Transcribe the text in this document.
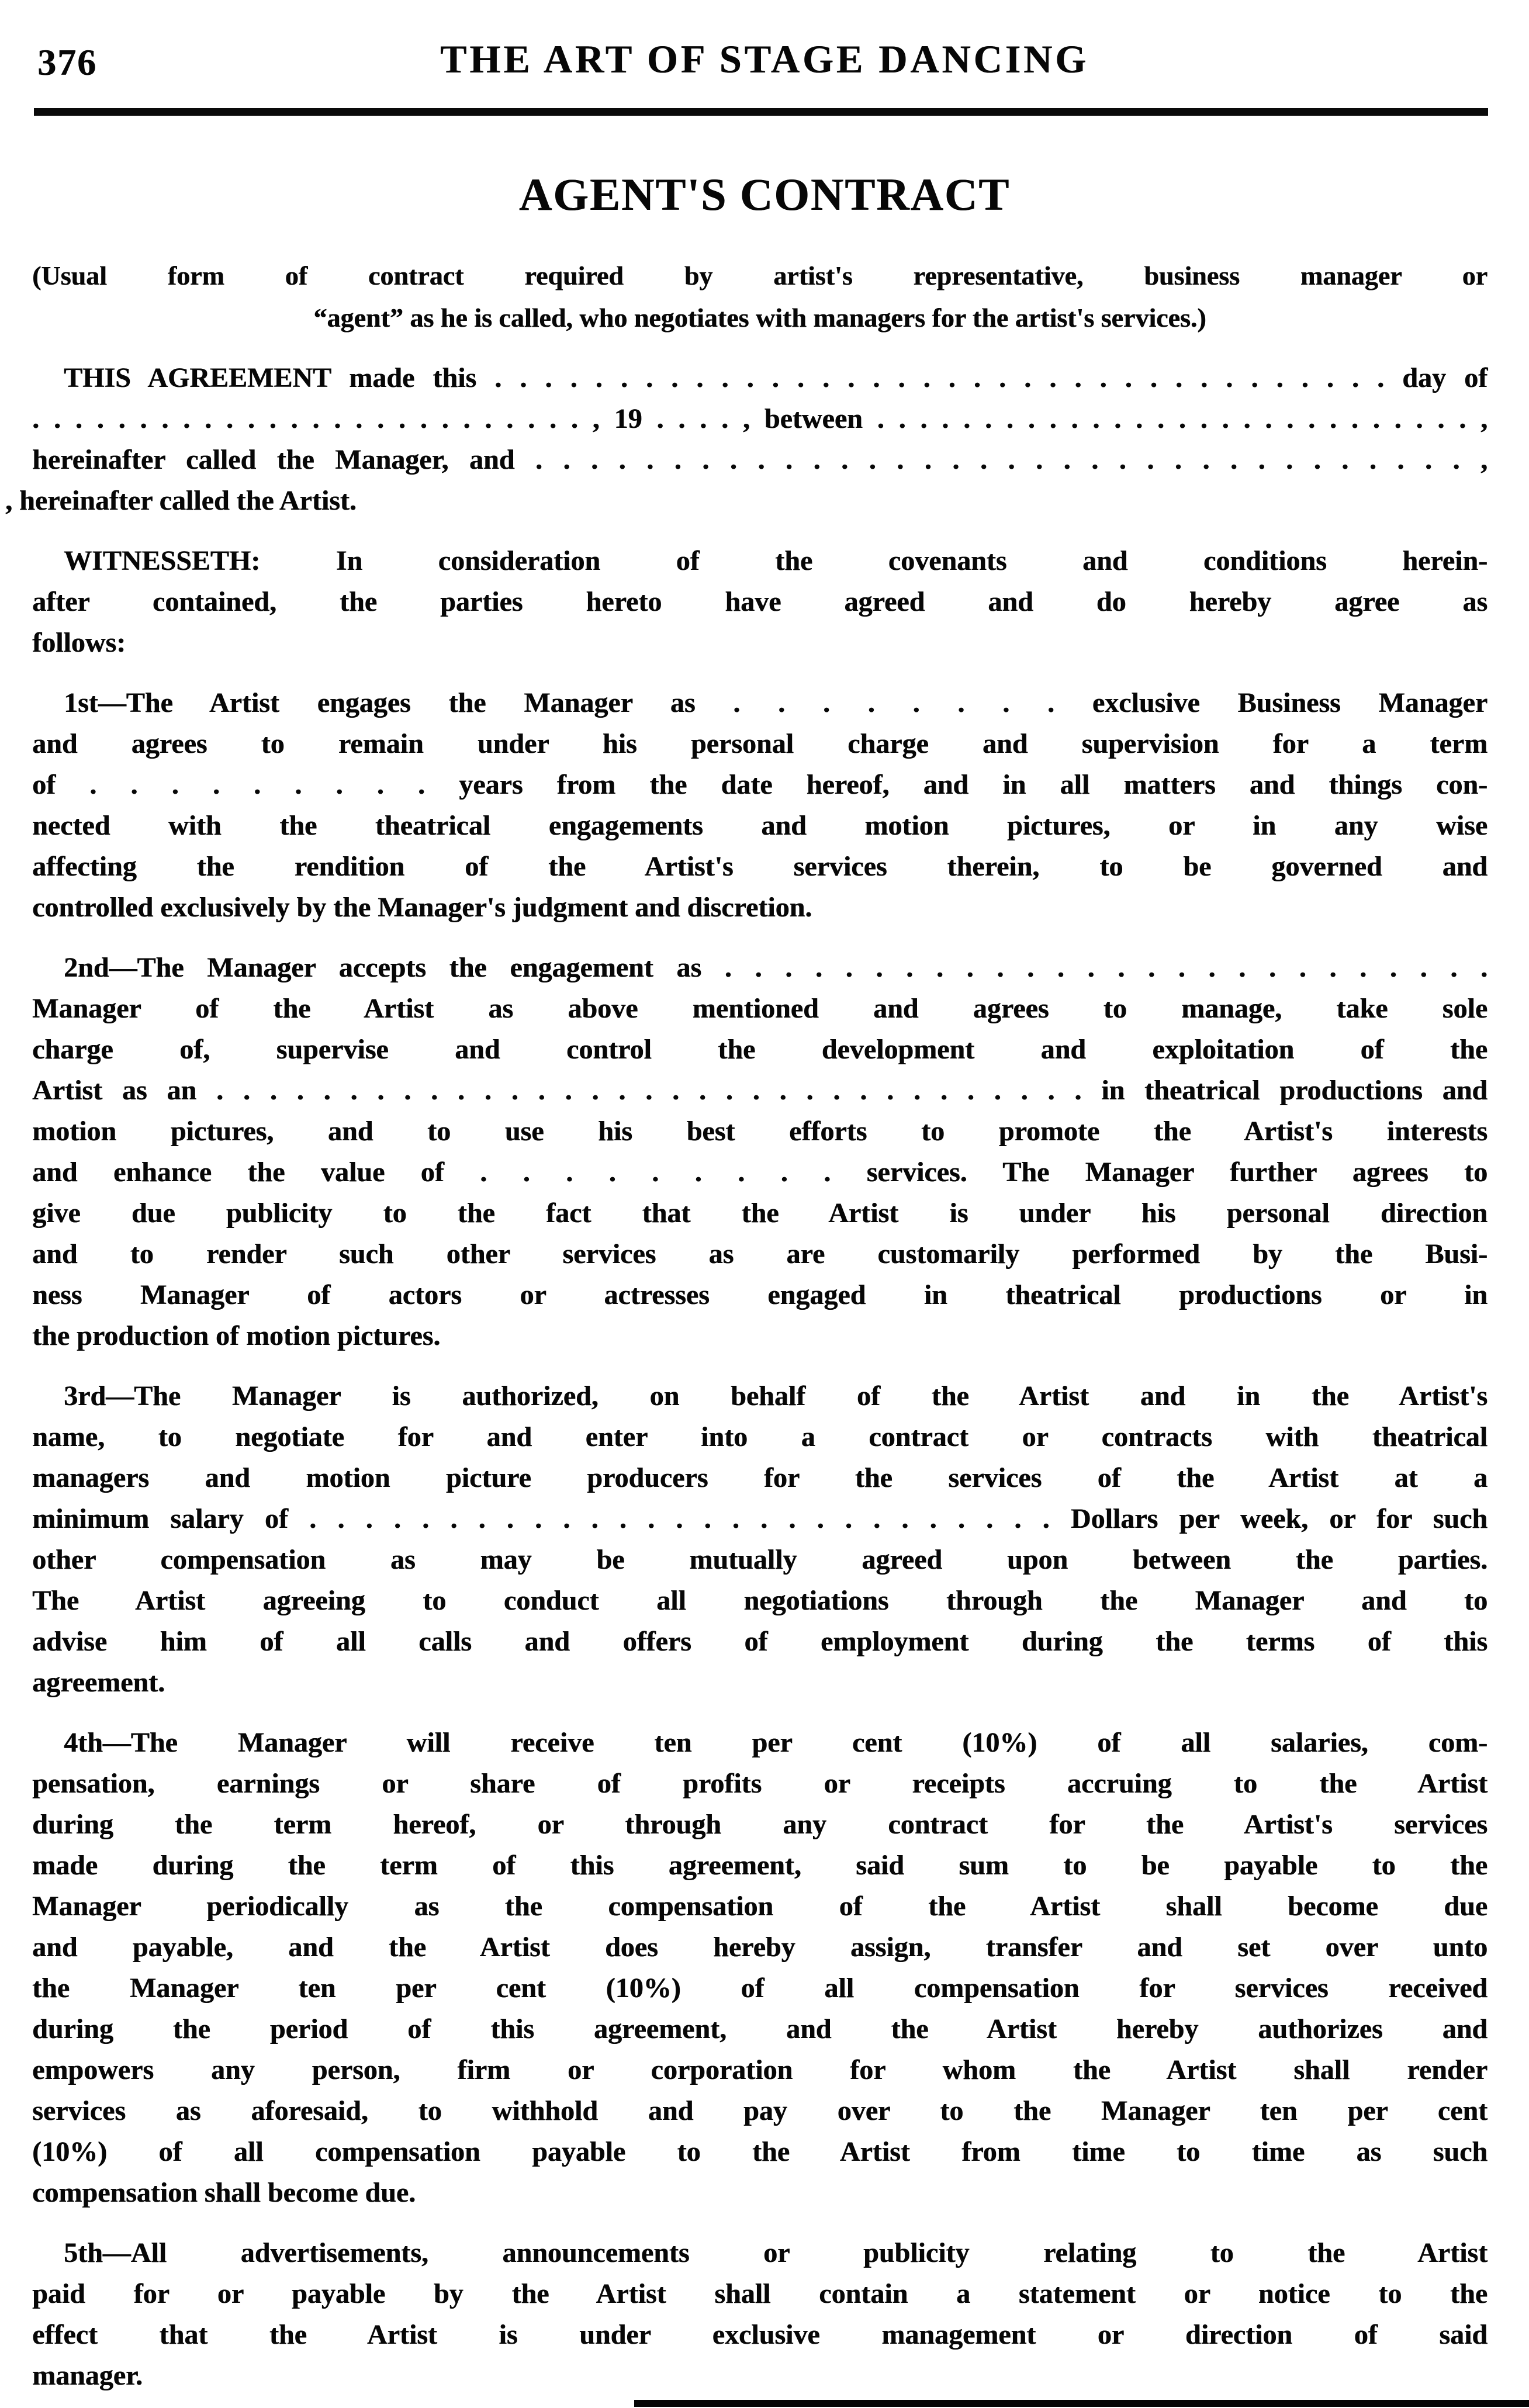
376	THE ART OF STAGE DANCING
AGENT'S CONTRACT
(Usual form of contract required by artist's representative, business manager or
“agent” as he is called, who negotiates with managers for the artist's services.)
THIS AGREEMENT made this . . . . . . . . . . . . . . . . . . . . . . . . . . . . . . . . . . . . day of
. . . . . . . . . . . . . . . . . . . . . . . . . . , 19 . . . . , between . . . . . . . . . . . . . . . . . . . . . . . . . . . . ,
hereinafter called the Manager, and . . . . . . . . . . . . . . . . . . . . . . . . . . . . . . . . . . ,
, hereinafter called the Artist.
WITNESSETH: In consideration of the covenants and conditions herein-
after contained, the parties hereto have agreed and do hereby agree as
follows:
1st—The Artist engages the Manager as . . . . . . . . exclusive Business Manager
and agrees to remain under his personal charge and supervision for a term
of . . . . . . . . . years from the date hereof, and in all matters and things con-
nected with the theatrical engagements and motion pictures, or in any wise
affecting the rendition of the Artist's services therein, to be governed and
controlled exclusively by the Manager's judgment and discretion.
2nd—The Manager accepts the engagement as . . . . . . . . . . . . . . . . . . . . . . . . . .
Manager of the Artist as above mentioned and agrees to manage, take sole
charge of, supervise and control the development and exploitation of the
Artist as an . . . . . . . . . . . . . . . . . . . . . . . . . . . . . . . . . in theatrical productions and
motion pictures, and to use his best efforts to promote the Artist's interests
and enhance the value of . . . . . . . . . services. The Manager further agrees to
give due publicity to the fact that the Artist is under his personal direction
and to render such other services as are customarily performed by the Busi-
ness Manager of actors or actresses engaged in theatrical productions or in
the production of motion pictures.
3rd—The Manager is authorized, on behalf of the Artist and in the Artist's
name, to negotiate for and enter into a contract or contracts with theatrical
managers and motion picture producers for the services of the Artist at a
minimum salary of . . . . . . . . . . . . . . . . . . . . . . . . . . . Dollars per week, or for such
other compensation as may be mutually agreed upon between the parties.
The Artist agreeing to conduct all negotiations through the Manager and to
advise him of all calls and offers of employment during the terms of this
agreement.
4th—The Manager will receive ten per cent (10%) of all salaries, com-
pensation, earnings or share of profits or receipts accruing to the Artist
during the term hereof, or through any contract for the Artist's services
made during the term of this agreement, said sum to be payable to the
Manager periodically as the compensation of the Artist shall become due
and payable, and the Artist does hereby assign, transfer and set over unto
the Manager ten per cent (10%) of all compensation for services received
during the period of this agreement, and the Artist hereby authorizes and
empowers any person, firm or corporation for whom the Artist shall render
services as aforesaid, to withhold and pay over to the Manager ten per cent
(10%) of all compensation payable to the Artist from time to time as such
compensation shall become due.
5th—All advertisements, announcements or publicity relating to the Artist
paid for or payable by the Artist shall contain a statement or notice to the
effect that the Artist is under exclusive management or direction of said
manager.
